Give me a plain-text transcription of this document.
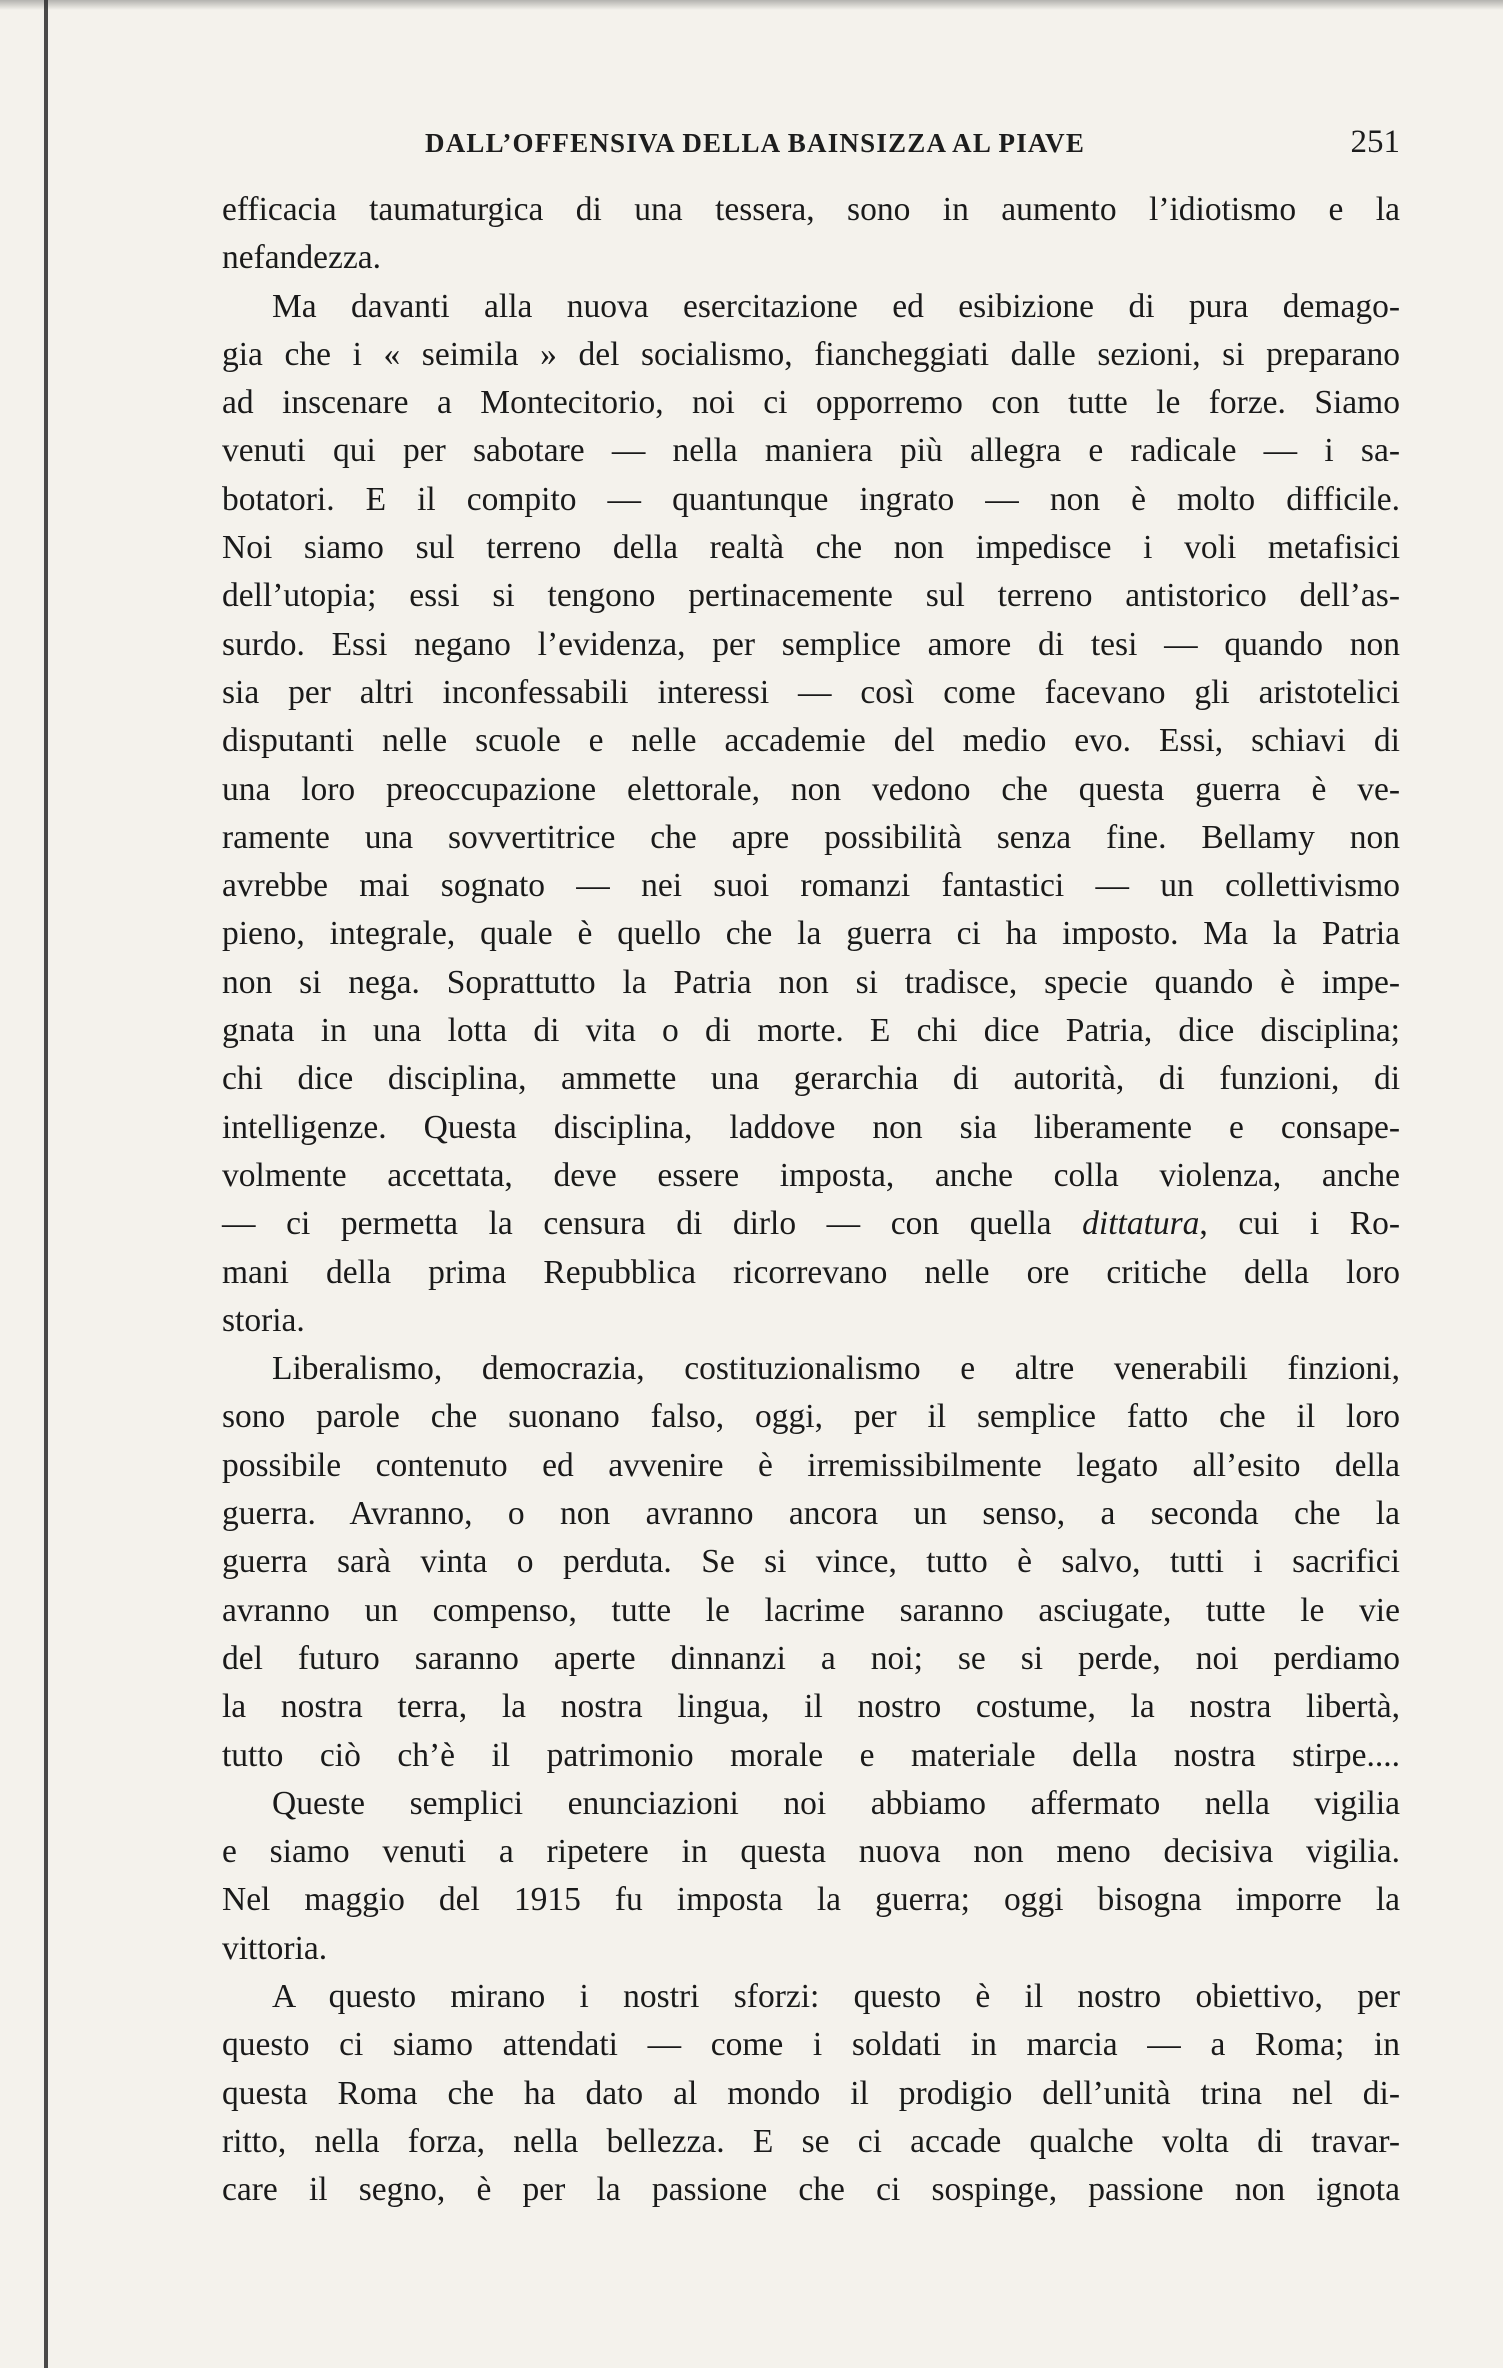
DALL’OFFENSIVA DELLA BAINSIZZA AL PIAVE	251

efficacia taumaturgica di una tessera, sono in aumento l’idiotismo e la
nefandezza.

Ma davanti alla nuova esercitazione ed esibizione di pura demago-
gia che i « seimila » del socialismo, fiancheggiati dalle sezioni, si preparano
ad inscenare a Montecitorio, noi ci opporremo con tutte le forze. Siamo
venuti qui per sabotare — nella maniera più allegra e radicale — i sa-
botatori. E il compito — quantunque ingrato — non è molto difficile.
Noi siamo sul terreno della realtà che non impedisce i voli metafisici
dell’utopia; essi si tengono pertinacemente sul terreno antistorico dell’as-
surdo. Essi negano l’evidenza, per semplice amore di tesi — quando non
sia per altri inconfessabili interessi — così come facevano gli aristotelici
disputanti nelle scuole e nelle accademie del medio evo. Essi, schiavi di
una loro preoccupazione elettorale, non vedono che questa guerra è ve-
ramente una sovvertitrice che apre possibilità senza fine. Bellamy non
avrebbe mai sognato — nei suoi romanzi fantastici — un collettivismo
pieno, integrale, quale è quello che la guerra ci ha imposto. Ma la Patria
non si nega. Soprattutto la Patria non si tradisce, specie quando è impe-
gnata in una lotta di vita o di morte. E chi dice Patria, dice disciplina;
chi dice disciplina, ammette una gerarchia di autorità, di funzioni, di
intelligenze. Questa disciplina, laddove non sia liberamente e consape-
volmente accettata, deve essere imposta, anche colla violenza, anche
— ci permetta la censura di dirlo — con quella dittatura, cui i Ro-
mani della prima Repubblica ricorrevano nelle ore critiche della loro
storia.

Liberalismo, democrazia, costituzionalismo e altre venerabili finzioni,
sono parole che suonano falso, oggi, per il semplice fatto che il loro
possibile contenuto ed avvenire è irremissibilmente legato all’esito della
guerra. Avranno, o non avranno ancora un senso, a seconda che la
guerra sarà vinta o perduta. Se si vince, tutto è salvo, tutti i sacrifici
avranno un compenso, tutte le lacrime saranno asciugate, tutte le vie
del futuro saranno aperte dinnanzi a noi; se si perde, noi perdiamo
la nostra terra, la nostra lingua, il nostro costume, la nostra libertà,
tutto ciò ch’è il patrimonio morale e materiale della nostra stirpe....

Queste semplici enunciazioni noi abbiamo affermato nella vigilia
e siamo venuti a ripetere in questa nuova non meno decisiva vigilia.
Nel maggio del 1915 fu imposta la guerra; oggi bisogna imporre la
vittoria.

A questo mirano i nostri sforzi: questo è il nostro obiettivo, per
questo ci siamo attendati — come i soldati in marcia — a Roma; in
questa Roma che ha dato al mondo il prodigio dell’unità trina nel di-
ritto, nella forza, nella bellezza. E se ci accade qualche volta di travar-
care il segno, è per la passione che ci sospinge, passione non ignota
